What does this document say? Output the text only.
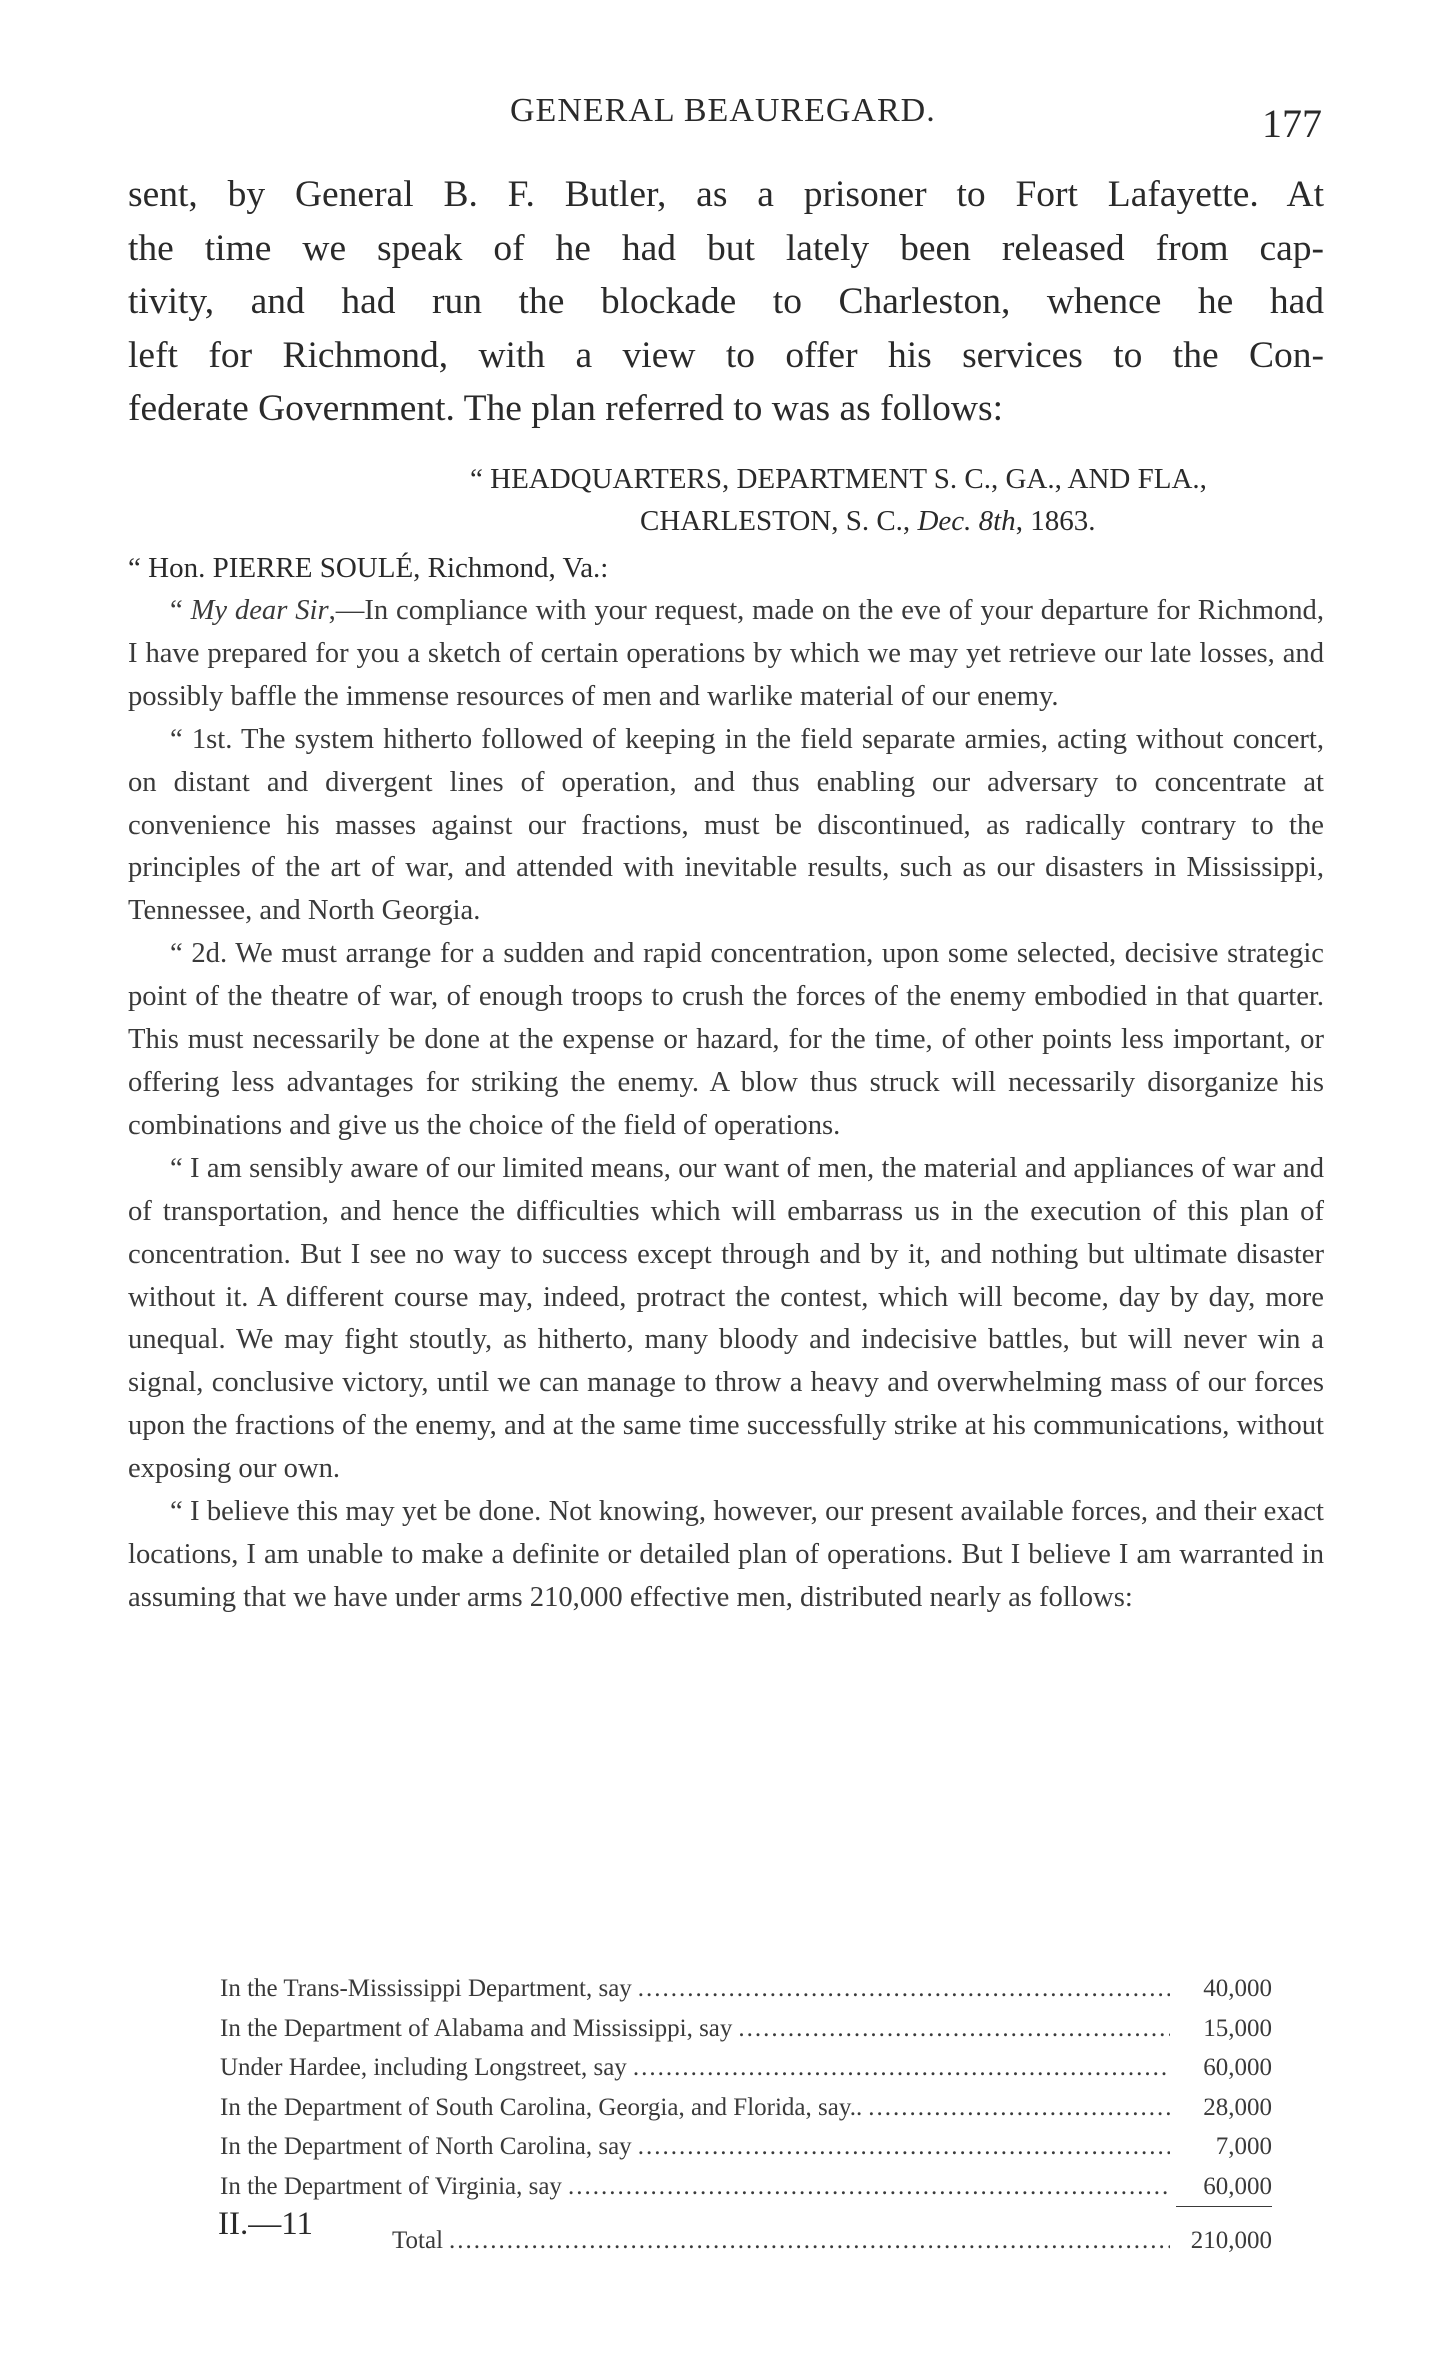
GENERAL BEAUREGARD.	177

sent, by General B. F. Butler, as a prisoner to Fort Lafayette. At
the time we speak of he had but lately been released from cap-
tivity, and had run the blockade to Charleston, whence he had
left for Richmond, with a view to offer his services to the Con-
federate Government. The plan referred to was as follows:

“ HEADQUARTERS, DEPARTMENT S. C., GA., AND FLA.,
CHARLESTON, S. C., Dec. 8th, 1863.

“ Hon. PIERRE SOULÉ, Richmond, Va.:

“ My dear Sir,—In compliance with your request, made on the eve of your departure for Richmond, I have prepared for you a sketch of certain operations by which we may yet retrieve our late losses, and possibly baffle the immense resources of men and warlike material of our enemy.

“ 1st. The system hitherto followed of keeping in the field separate armies, acting without concert, on distant and divergent lines of operation, and thus enabling our adversary to concentrate at convenience his masses against our fractions, must be discontinued, as radically contrary to the principles of the art of war, and attended with inevitable results, such as our disasters in Mississippi, Tennessee, and North Georgia.

“ 2d. We must arrange for a sudden and rapid concentration, upon some selected, decisive strategic point of the theatre of war, of enough troops to crush the forces of the enemy embodied in that quarter. This must necessarily be done at the expense or hazard, for the time, of other points less important, or offering less advantages for striking the enemy. A blow thus struck will necessarily disorganize his combinations and give us the choice of the field of operations.

“ I am sensibly aware of our limited means, our want of men, the material and appliances of war and of transportation, and hence the difficulties which will embarrass us in the execution of this plan of concentration. But I see no way to success except through and by it, and nothing but ultimate disaster without it. A different course may, indeed, protract the contest, which will become, day by day, more unequal. We may fight stoutly, as hitherto, many bloody and indecisive battles, but will never win a signal, conclusive victory, until we can manage to throw a heavy and overwhelming mass of our forces upon the fractions of the enemy, and at the same time successfully strike at his communications, without exposing our own.

“ I believe this may yet be done. Not knowing, however, our present available forces, and their exact locations, I am unable to make a definite or detailed plan of operations. But I believe I am warranted in assuming that we have under arms 210,000 effective men, distributed nearly as follows:

In the Trans-Mississippi Department, say .....	40,000
In the Department of Alabama and Mississippi, say .....	15,000
Under Hardee, including Longstreet, say .....	60,000
In the Department of South Carolina, Georgia, and Florida, say.. .....	28,000
In the Department of North Carolina, say .....	7,000
In the Department of Virginia, say .....	60,000
Total .....	210,000

II.—11
